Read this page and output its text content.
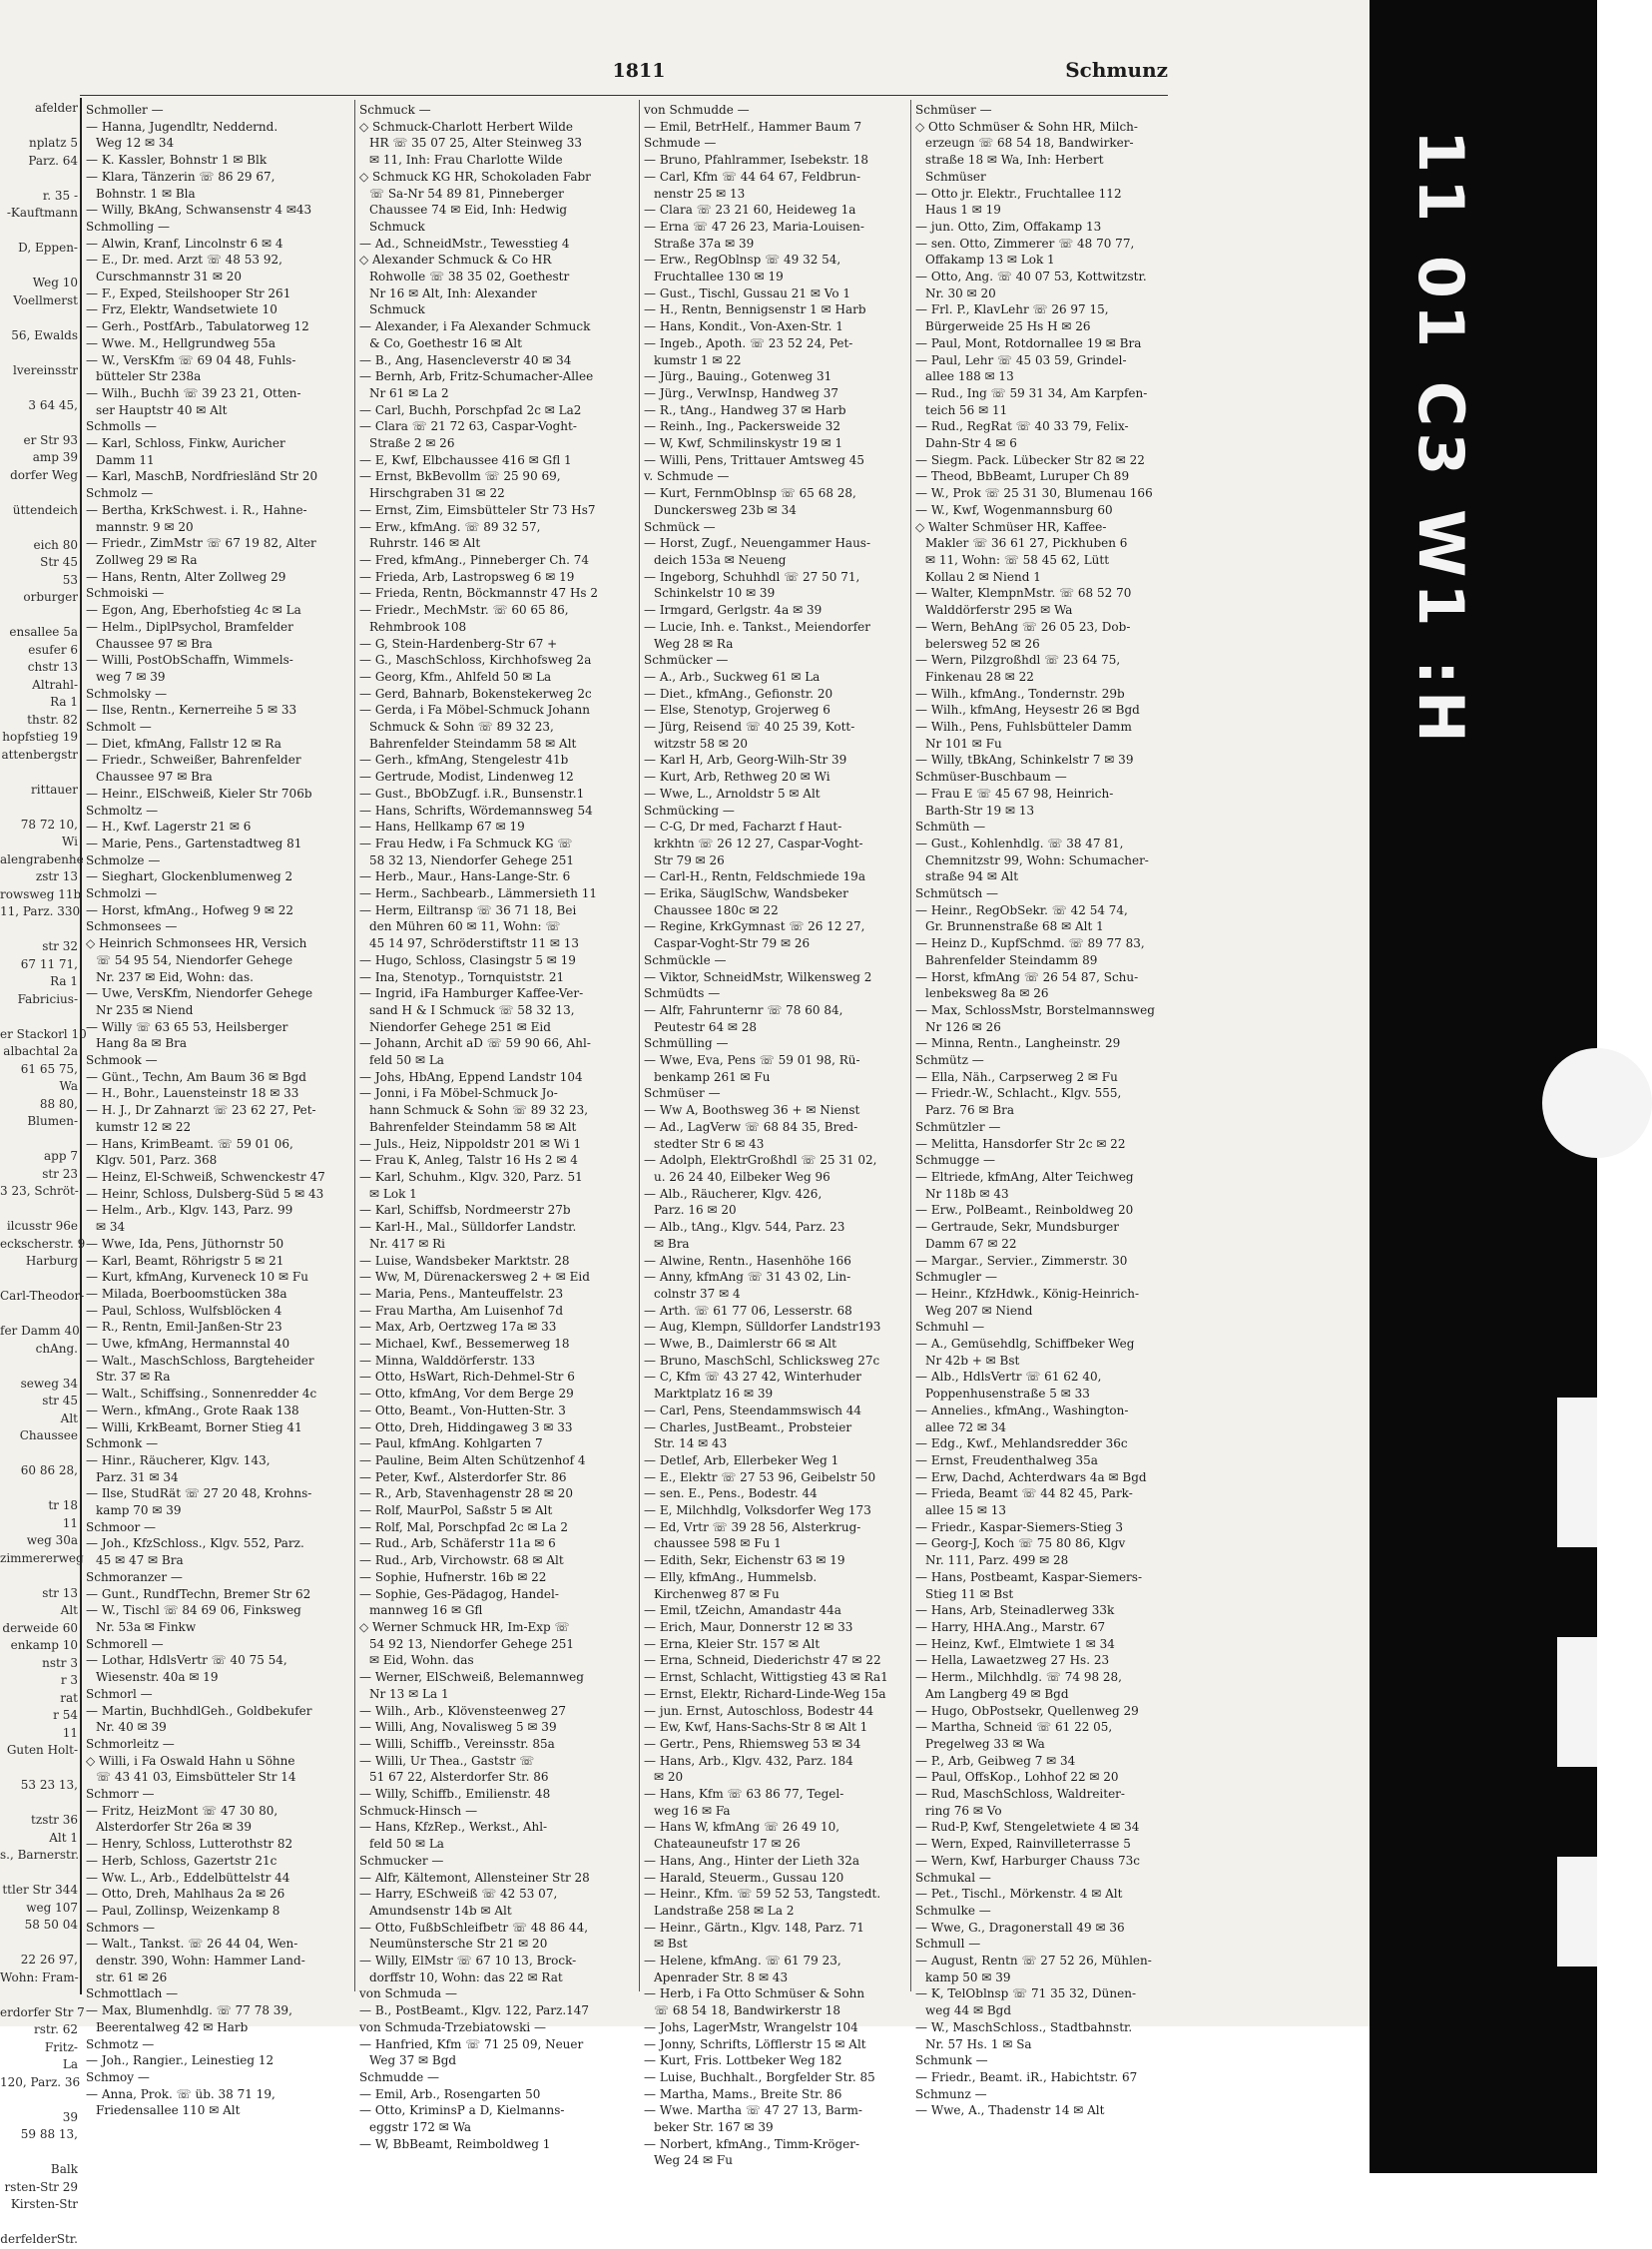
afelder

nplatz 5
Parz. 64

r. 35 -
-Kauftmann

D, Eppen-

Weg 10
Voellmerst

56, Ewalds

lvereinsstr

3 64 45,

er Str 93
amp 39
dorfer Weg

üttendeich

eich 80
Str 45
53
orburger

ensallee 5a
esufer 6
chstr 13
Altrahl-
Ra 1
thstr. 82
hopfstieg 19
attenbergstr

rittauer

78 72 10,
Wi
alengrabenhe
zstr 13
rowsweg 11b
11, Parz. 330

str 32
67 11 71,
Ra 1
Fabricius-

er Stackorl 10
albachtal 2a
61 65 75,
Wa
88 80,
Blumen-

app 7
str 23
3 23, Schröt-

ilcusstr 96e
eckscherstr. 9
Harburg

Carl-Theodor-

fer Damm 40
chAng.

seweg 34
str 45
Alt
Chaussee

60 86 28,

tr 18
11
weg 30a
zimmererweg

str 13
Alt
derweide 60
enkamp 10
nstr 3
r 3
rat
r 54
11
Guten Holt-

53 23 13,

tzstr 36
Alt 1
s., Barnerstr.

ttler Str 344
weg 107
58 50 04

22 26 97,
Wohn: Fram-

erdorfer Str 7
rstr. 62
Fritz-
La
120, Parz. 36

39
59 88 13,

Balk
rsten-Str 29
Kirsten-Str

derfelderStr.
1811	Schmunz
Schmoller —
— Hanna, Jugendltr, Neddernd.
Weg 12 ✉ 34
— K. Kassler, Bohnstr 1 ✉ Blk
— Klara, Tänzerin ☏ 86 29 67,
Bohnstr. 1 ✉ Bla
— Willy, BkAng, Schwansenstr 4 ✉43
Schmolling —
— Alwin, Kranf, Lincolnstr 6 ✉ 4
— E., Dr. med. Arzt ☏ 48 53 92,
Curschmannstr 31 ✉ 20
— F., Exped, Steilshooper Str 261
— Frz, Elektr, Wandsetwiete 10
— Gerh., PostfArb., Tabulatorweg 12
— Wwe. M., Hellgrundweg 55a
— W., VersKfm ☏ 69 04 48, Fuhls-
bütteler Str 238a
— Wilh., Buchh ☏ 39 23 21, Otten-
ser Hauptstr 40 ✉ Alt
Schmolls —
— Karl, Schloss, Finkw, Auricher
Damm 11
— Karl, MaschB, Nordfriesländ Str 20
Schmolz —
— Bertha, KrkSchwest. i. R., Hahne-
mannstr. 9 ✉ 20
— Friedr., ZimMstr ☏ 67 19 82, Alter
Zollweg 29 ✉ Ra
— Hans, Rentn, Alter Zollweg 29
Schmoiski —
— Egon, Ang, Eberhofstieg 4c ✉ La
— Helm., DiplPsychol, Bramfelder
Chaussee 97 ✉ Bra
— Willi, PostObSchaffn, Wimmels-
weg 7 ✉ 39
Schmolsky —
— Ilse, Rentn., Kernerreihe 5 ✉ 33
Schmolt —
— Diet, kfmAng, Fallstr 12 ✉ Ra
— Friedr., Schweißer, Bahrenfelder
Chaussee 97 ✉ Bra
— Heinr., ElSchweiß, Kieler Str 706b
Schmoltz —
— H., Kwf. Lagerstr 21 ✉ 6
— Marie, Pens., Gartenstadtweg 81
Schmolze —
— Sieghart, Glockenblumenweg 2
Schmolzi —
— Horst, kfmAng., Hofweg 9 ✉ 22
Schmonsees —
◇ Heinrich Schmonsees HR, Versich
☏ 54 95 54, Niendorfer Gehege
Nr. 237 ✉ Eid, Wohn: das.
— Uwe, VersKfm, Niendorfer Gehege
Nr 235 ✉ Niend
— Willy ☏ 63 65 53, Heilsberger
Hang 8a ✉ Bra
Schmook —
— Günt., Techn, Am Baum 36 ✉ Bgd
— H., Bohr., Lauensteinstr 18 ✉ 33
— H. J., Dr Zahnarzt ☏ 23 62 27, Pet-
kumstr 12 ✉ 22
— Hans, KrimBeamt. ☏ 59 01 06,
Klgv. 501, Parz. 368
— Heinz, El-Schweiß, Schwenckestr 47
— Heinr, Schloss, Dulsberg-Süd 5 ✉ 43
— Helm., Arb., Klgv. 143, Parz. 99
✉ 34
— Wwe, Ida, Pens, Jüthornstr 50
— Karl, Beamt, Röhrigstr 5 ✉ 21
— Kurt, kfmAng, Kurveneck 10 ✉ Fu
— Milada, Boerboomstücken 38a
— Paul, Schloss, Wulfsblöcken 4
— R., Rentn, Emil-Janßen-Str 23
— Uwe, kfmAng, Hermannstal 40
— Walt., MaschSchloss, Bargteheider
Str. 37 ✉ Ra
— Walt., Schiffsing., Sonnenredder 4c
— Wern., kfmAng., Grote Raak 138
— Willi, KrkBeamt, Borner Stieg 41
Schmonk —
— Hinr., Räucherer, Klgv. 143,
Parz. 31 ✉ 34
— Ilse, StudRät ☏ 27 20 48, Krohns-
kamp 70 ✉ 39
Schmoor —
— Joh., KfzSchloss., Klgv. 552, Parz.
45 ✉ 47 ✉ Bra
Schmoranzer —
— Gunt., RundfTechn, Bremer Str 62
— W., Tischl ☏ 84 69 06, Finksweg
Nr. 53a ✉ Finkw
Schmorell —
— Lothar, HdlsVertr ☏ 40 75 54,
Wiesenstr. 40a ✉ 19
Schmorl —
— Martin, BuchhdlGeh., Goldbekufer
Nr. 40 ✉ 39
Schmorleitz —
◇ Willi, i Fa Oswald Hahn u Söhne
☏ 43 41 03, Eimsbütteler Str 14
Schmorr —
— Fritz, HeizMont ☏ 47 30 80,
Alsterdorfer Str 26a ✉ 39
— Henry, Schloss, Lutterothstr 82
— Herb, Schloss, Gazertstr 21c
— Ww. L., Arb., Eddelbüttelstr 44
— Otto, Dreh, Mahlhaus 2a ✉ 26
— Paul, Zollinsp, Weizenkamp 8
Schmors —
— Walt., Tankst. ☏ 26 44 04, Wen-
denstr. 390, Wohn: Hammer Land-
str. 61 ✉ 26
Schmottlach —
— Max, Blumenhdlg. ☏ 77 78 39,
Beerentalweg 42 ✉ Harb
Schmotz —
— Joh., Rangier., Leinestieg 12
Schmoy —
— Anna, Prok. ☏ üb. 38 71 19,
Friedensallee 110 ✉ Alt
Schmuck —
◇ Schmuck-Charlott Herbert Wilde
HR ☏ 35 07 25, Alter Steinweg 33
✉ 11, Inh: Frau Charlotte Wilde
◇ Schmuck KG HR, Schokoladen Fabr
☏ Sa-Nr 54 89 81, Pinneberger
Chaussee 74 ✉ Eid, Inh: Hedwig
Schmuck
— Ad., SchneidMstr., Tewesstieg 4
◇ Alexander Schmuck & Co HR
Rohwolle ☏ 38 35 02, Goethestr
Nr 16 ✉ Alt, Inh: Alexander
Schmuck
— Alexander, i Fa Alexander Schmuck
& Co, Goethestr 16 ✉ Alt
— B., Ang, Hasencleverstr 40 ✉ 34
— Bernh, Arb, Fritz-Schumacher-Allee
Nr 61 ✉ La 2
— Carl, Buchh, Porschpfad 2c ✉ La2
— Clara ☏ 21 72 63, Caspar-Voght-
Straße 2 ✉ 26
— E, Kwf, Elbchaussee 416 ✉ Gfl 1
— Ernst, BkBevollm ☏ 25 90 69,
Hirschgraben 31 ✉ 22
— Ernst, Zim, Eimsbütteler Str 73 Hs7
— Erw., kfmAng. ☏ 89 32 57,
Ruhrstr. 146 ✉ Alt
— Fred, kfmAng., Pinneberger Ch. 74
— Frieda, Arb, Lastropsweg 6 ✉ 19
— Frieda, Rentn, Böckmannstr 47 Hs 2
— Friedr., MechMstr. ☏ 60 65 86,
Rehmbrook 108
— G, Stein-Hardenberg-Str 67 +
— G., MaschSchloss, Kirchhofsweg 2a
— Georg, Kfm., Ahlfeld 50 ✉ La
— Gerd, Bahnarb, Bokenstekerweg 2c
— Gerda, i Fa Möbel-Schmuck Johann
Schmuck & Sohn ☏ 89 32 23,
Bahrenfelder Steindamm 58 ✉ Alt
— Gerh., kfmAng, Stengelestr 41b
— Gertrude, Modist, Lindenweg 12
— Gust., BbObZugf. i.R., Bunsenstr.1
— Hans, Schrifts, Wördemannsweg 54
— Hans, Hellkamp 67 ✉ 19
— Frau Hedw, i Fa Schmuck KG ☏
58 32 13, Niendorfer Gehege 251
— Herb., Maur., Hans-Lange-Str. 6
— Herm., Sachbearb., Lämmersieth 11
— Herm, Eiltransp ☏ 36 71 18, Bei
den Mühren 60 ✉ 11, Wohn: ☏
45 14 97, Schröderstiftstr 11 ✉ 13
— Hugo, Schloss, Clasingstr 5 ✉ 19
— Ina, Stenotyp., Tornquiststr. 21
— Ingrid, iFa Hamburger Kaffee-Ver-
sand H & I Schmuck ☏ 58 32 13,
Niendorfer Gehege 251 ✉ Eid
— Johann, Archit aD ☏ 59 90 66, Ahl-
feld 50 ✉ La
— Johs, HbAng, Eppend Landstr 104
— Jonni, i Fa Möbel-Schmuck Jo-
hann Schmuck & Sohn ☏ 89 32 23,
Bahrenfelder Steindamm 58 ✉ Alt
— Juls., Heiz, Nippoldstr 201 ✉ Wi 1
— Frau K, Anleg, Talstr 16 Hs 2 ✉ 4
— Karl, Schuhm., Klgv. 320, Parz. 51
✉ Lok 1
— Karl, Schiffsb, Nordmeerstr 27b
— Karl-H., Mal., Sülldorfer Landstr.
Nr. 417 ✉ Ri
— Luise, Wandsbeker Marktstr. 28
— Ww, M, Dürenackersweg 2 + ✉ Eid
— Maria, Pens., Manteuffelstr. 23
— Frau Martha, Am Luisenhof 7d
— Max, Arb, Oertzweg 17a ✉ 33
— Michael, Kwf., Bessemerweg 18
— Minna, Walddörferstr. 133
— Otto, HsWart, Rich-Dehmel-Str 6
— Otto, kfmAng, Vor dem Berge 29
— Otto, Beamt., Von-Hutten-Str. 3
— Otto, Dreh, Hiddingaweg 3 ✉ 33
— Paul, kfmAng. Kohlgarten 7
— Pauline, Beim Alten Schützenhof 4
— Peter, Kwf., Alsterdorfer Str. 86
— R., Arb, Stavenhagenstr 28 ✉ 20
— Rolf, MaurPol, Saßstr 5 ✉ Alt
— Rolf, Mal, Porschpfad 2c ✉ La 2
— Rud., Arb, Schäferstr 11a ✉ 6
— Rud., Arb, Virchowstr. 68 ✉ Alt
— Sophie, Hufnerstr. 16b ✉ 22
— Sophie, Ges-Pädagog, Handel-
mannweg 16 ✉ Gfl
◇ Werner Schmuck HR, Im-Exp ☏
54 92 13, Niendorfer Gehege 251
✉ Eid, Wohn. das
— Werner, ElSchweiß, Belemannweg
Nr 13 ✉ La 1
— Wilh., Arb., Klövensteenweg 27
— Willi, Ang, Novalisweg 5 ✉ 39
— Willi, Schiffb., Vereinsstr. 85a
— Willi, Ur Thea., Gaststr ☏
51 67 22, Alsterdorfer Str. 86
— Willy, Schiffb., Emilienstr. 48
Schmuck-Hinsch —
— Hans, KfzRep., Werkst., Ahl-
feld 50 ✉ La
Schmucker —
— Alfr, Kältemont, Allensteiner Str 28
— Harry, ESchweiß ☏ 42 53 07,
Amundsenstr 14b ✉ Alt
— Otto, FußbSchleifbetr ☏ 48 86 44,
Neumünstersche Str 21 ✉ 20
— Willy, ElMstr ☏ 67 10 13, Brock-
dorffstr 10, Wohn: das 22 ✉ Rat
von Schmuda —
— B., PostBeamt., Klgv. 122, Parz.147
von Schmuda-Trzebiatowski —
— Hanfried, Kfm ☏ 71 25 09, Neuer
Weg 37 ✉ Bgd
Schmudde —
— Emil, Arb., Rosengarten 50
— Otto, KriminsP a D, Kielmanns-
eggstr 172 ✉ Wa
— W, BbBeamt, Reimboldweg 1
von Schmudde —
— Emil, BetrHelf., Hammer Baum 7
Schmude —
— Bruno, Pfahlrammer, Isebekstr. 18
— Carl, Kfm ☏ 44 64 67, Feldbrun-
nenstr 25 ✉ 13
— Clara ☏ 23 21 60, Heideweg 1a
— Erna ☏ 47 26 23, Maria-Louisen-
Straße 37a ✉ 39
— Erw., RegOblnsp ☏ 49 32 54,
Fruchtallee 130 ✉ 19
— Gust., Tischl, Gussau 21 ✉ Vo 1
— H., Rentn, Bennigsenstr 1 ✉ Harb
— Hans, Kondit., Von-Axen-Str. 1
— Ingeb., Apoth. ☏ 23 52 24, Pet-
kumstr 1 ✉ 22
— Jürg., Bauing., Gotenweg 31
— Jürg., VerwInsp, Handweg 37
— R., tAng., Handweg 37 ✉ Harb
— Reinh., Ing., Packersweide 32
— W, Kwf, Schmilinskystr 19 ✉ 1
— Willi, Pens, Trittauer Amtsweg 45
v. Schmude —
— Kurt, FernmOblnsp ☏ 65 68 28,
Dunckersweg 23b ✉ 34
Schmück —
— Horst, Zugf., Neuengammer Haus-
deich 153a ✉ Neueng
— Ingeborg, Schuhhdl ☏ 27 50 71,
Schinkelstr 10 ✉ 39
— Irmgard, Gerlgstr. 4a ✉ 39
— Lucie, Inh. e. Tankst., Meiendorfer
Weg 28 ✉ Ra
Schmücker —
— A., Arb., Suckweg 61 ✉ La
— Diet., kfmAng., Gefionstr. 20
— Else, Stenotyp, Grojerweg 6
— Jürg, Reisend ☏ 40 25 39, Kott-
witzstr 58 ✉ 20
— Karl H, Arb, Georg-Wilh-Str 39
— Kurt, Arb, Rethweg 20 ✉ Wi
— Wwe, L., Arnoldstr 5 ✉ Alt
Schmücking —
— C-G, Dr med, Facharzt f Haut-
krkhtn ☏ 26 12 27, Caspar-Voght-
Str 79 ✉ 26
— Carl-H., Rentn, Feldschmiede 19a
— Erika, SäuglSchw, Wandsbeker
Chaussee 180c ✉ 22
— Regine, KrkGymnast ☏ 26 12 27,
Caspar-Voght-Str 79 ✉ 26
Schmückle —
— Viktor, SchneidMstr, Wilkensweg 2
Schmüdts —
— Alfr, Fahrunternr ☏ 78 60 84,
Peutestr 64 ✉ 28
Schmülling —
— Wwe, Eva, Pens ☏ 59 01 98, Rü-
benkamp 261 ✉ Fu
Schmüser —
— Ww A, Boothsweg 36 + ✉ Nienst
— Ad., LagVerw ☏ 68 84 35, Bred-
stedter Str 6 ✉ 43
— Adolph, ElektrGroßhdl ☏ 25 31 02,
u. 26 24 40, Eilbeker Weg 96
— Alb., Räucherer, Klgv. 426,
Parz. 16 ✉ 20
— Alb., tAng., Klgv. 544, Parz. 23
✉ Bra
— Alwine, Rentn., Hasenhöhe 166
— Anny, kfmAng ☏ 31 43 02, Lin-
colnstr 37 ✉ 4
— Arth. ☏ 61 77 06, Lesserstr. 68
— Aug, Klempn, Sülldorfer Landstr193
— Wwe, B., Daimlerstr 66 ✉ Alt
— Bruno, MaschSchl, Schlicksweg 27c
— C, Kfm ☏ 43 27 42, Winterhuder
Marktplatz 16 ✉ 39
— Carl, Pens, Steendammswisch 44
— Charles, JustBeamt., Probsteier
Str. 14 ✉ 43
— Detlef, Arb, Ellerbeker Weg 1
— E., Elektr ☏ 27 53 96, Geibelstr 50
— sen. E., Pens., Bodestr. 44
— E, Milchhdlg, Volksdorfer Weg 173
— Ed, Vrtr ☏ 39 28 56, Alsterkrug-
chaussee 598 ✉ Fu 1
— Edith, Sekr, Eichenstr 63 ✉ 19
— Elly, kfmAng., Hummelsb.
Kirchenweg 87 ✉ Fu
— Emil, tZeichn, Amandastr 44a
— Erich, Maur, Donnerstr 12 ✉ 33
— Erna, Kleier Str. 157 ✉ Alt
— Erna, Schneid, Diederichstr 47 ✉ 22
— Ernst, Schlacht, Wittigstieg 43 ✉ Ra1
— Ernst, Elektr, Richard-Linde-Weg 15a
— jun. Ernst, Autoschloss, Bodestr 44
— Ew, Kwf, Hans-Sachs-Str 8 ✉ Alt 1
— Gertr., Pens, Rhiemsweg 53 ✉ 34
— Hans, Arb., Klgv. 432, Parz. 184
✉ 20
— Hans, Kfm ☏ 63 86 77, Tegel-
weg 16 ✉ Fa
— Hans W, kfmAng ☏ 26 49 10,
Chateauneufstr 17 ✉ 26
— Hans, Ang., Hinter der Lieth 32a
— Harald, Steuerm., Gussau 120
— Heinr., Kfm. ☏ 59 52 53, Tangstedt.
Landstraße 258 ✉ La 2
— Heinr., Gärtn., Klgv. 148, Parz. 71
✉ Bst
— Helene, kfmAng. ☏ 61 79 23,
Apenrader Str. 8 ✉ 43
— Herb, i Fa Otto Schmüser & Sohn
☏ 68 54 18, Bandwirkerstr 18
— Johs, LagerMstr, Wrangelstr 104
— Jonny, Schrifts, Löfflerstr 15 ✉ Alt
— Kurt, Fris. Lottbeker Weg 182
— Luise, Buchhalt., Borgfelder Str. 85
— Martha, Mams., Breite Str. 86
— Wwe. Martha ☏ 47 27 13, Barm-
beker Str. 167 ✉ 39
— Norbert, kfmAng., Timm-Kröger-
Weg 24 ✉ Fu
Schmüser —
◇ Otto Schmüser & Sohn HR, Milch-
erzeugn ☏ 68 54 18, Bandwirker-
straße 18 ✉ Wa, Inh: Herbert
Schmüser
— Otto jr. Elektr., Fruchtallee 112
Haus 1 ✉ 19
— jun. Otto, Zim, Offakamp 13
— sen. Otto, Zimmerer ☏ 48 70 77,
Offakamp 13 ✉ Lok 1
— Otto, Ang. ☏ 40 07 53, Kottwitzstr.
Nr. 30 ✉ 20
— Frl. P., KlavLehr ☏ 26 97 15,
Bürgerweide 25 Hs H ✉ 26
— Paul, Mont, Rotdornallee 19 ✉ Bra
— Paul, Lehr ☏ 45 03 59, Grindel-
allee 188 ✉ 13
— Rud., Ing ☏ 59 31 34, Am Karpfen-
teich 56 ✉ 11
— Rud., RegRat ☏ 40 33 79, Felix-
Dahn-Str 4 ✉ 6
— Siegm. Pack. Lübecker Str 82 ✉ 22
— Theod, BbBeamt, Luruper Ch 89
— W., Prok ☏ 25 31 30, Blumenau 166
— W., Kwf, Wogenmannsburg 60
◇ Walter Schmüser HR, Kaffee-
Makler ☏ 36 61 27, Pickhuben 6
✉ 11, Wohn: ☏ 58 45 62, Lütt
Kollau 2 ✉ Niend 1
— Walter, KlempnMstr. ☏ 68 52 70
Walddörferstr 295 ✉ Wa
— Wern, BehAng ☏ 26 05 23, Dob-
belersweg 52 ✉ 26
— Wern, Pilzgroßhdl ☏ 23 64 75,
Finkenau 28 ✉ 22
— Wilh., kfmAng., Tondernstr. 29b
— Wilh., kfmAng, Heysestr 26 ✉ Bgd
— Wilh., Pens, Fuhlsbütteler Damm
Nr 101 ✉ Fu
— Willy, tBkAng, Schinkelstr 7 ✉ 39
Schmüser-Buschbaum —
— Frau E ☏ 45 67 98, Heinrich-
Barth-Str 19 ✉ 13
Schmüth —
— Gust., Kohlenhdlg. ☏ 38 47 81,
Chemnitzstr 99, Wohn: Schumacher-
straße 94 ✉ Alt
Schmütsch —
— Heinr., RegObSekr. ☏ 42 54 74,
Gr. Brunnenstraße 68 ✉ Alt 1
— Heinz D., KupfSchmd. ☏ 89 77 83,
Bahrenfelder Steindamm 89
— Horst, kfmAng ☏ 26 54 87, Schu-
lenbeksweg 8a ✉ 26
— Max, SchlossMstr, Borstelmannsweg
Nr 126 ✉ 26
— Minna, Rentn., Langheinstr. 29
Schmütz —
— Ella, Näh., Carpserweg 2 ✉ Fu
— Friedr.-W., Schlacht., Klgv. 555,
Parz. 76 ✉ Bra
Schmützler —
— Melitta, Hansdorfer Str 2c ✉ 22
Schmugge —
— Eltriede, kfmAng, Alter Teichweg
Nr 118b ✉ 43
— Erw., PolBeamt., Reinboldweg 20
— Gertraude, Sekr, Mundsburger
Damm 67 ✉ 22
— Margar., Servier., Zimmerstr. 30
Schmugler —
— Heinr., KfzHdwk., König-Heinrich-
Weg 207 ✉ Niend
Schmuhl —
— A., Gemüsehdlg, Schiffbeker Weg
Nr 42b + ✉ Bst
— Alb., HdlsVertr ☏ 61 62 40,
Poppenhusenstraße 5 ✉ 33
— Annelies., kfmAng., Washington-
allee 72 ✉ 34
— Edg., Kwf., Mehlandsredder 36c
— Ernst, Freudenthalweg 35a
— Erw, Dachd, Achterdwars 4a ✉ Bgd
— Frieda, Beamt ☏ 44 82 45, Park-
allee 15 ✉ 13
— Friedr., Kaspar-Siemers-Stieg 3
— Georg-J, Koch ☏ 75 80 86, Klgv
Nr. 111, Parz. 499 ✉ 28
— Hans, Postbeamt, Kaspar-Siemers-
Stieg 11 ✉ Bst
— Hans, Arb, Steinadlerweg 33k
— Harry, HHA.Ang., Marstr. 67
— Heinz, Kwf., Elmtwiete 1 ✉ 34
— Hella, Lawaetzweg 27 Hs. 23
— Herm., Milchhdlg. ☏ 74 98 28,
Am Langberg 49 ✉ Bgd
— Hugo, ObPostsekr, Quellenweg 29
— Martha, Schneid ☏ 61 22 05,
Pregelweg 33 ✉ Wa
— P., Arb, Geibweg 7 ✉ 34
— Paul, OffsKop., Lohhof 22 ✉ 20
— Rud, MaschSchloss, Waldreiter-
ring 76 ✉ Vo
— Rud-P, Kwf, Stengeletwiete 4 ✉ 34
— Wern, Exped, Rainvilleterrasse 5
— Wern, Kwf, Harburger Chauss 73c
Schmukal —
— Pet., Tischl., Mörkenstr. 4 ✉ Alt
Schmulke —
— Wwe, G., Dragonerstall 49 ✉ 36
Schmull —
— August, Rentn ☏ 27 52 26, Mühlen-
kamp 50 ✉ 39
— K, TelOblnsp ☏ 71 35 32, Dünen-
weg 44 ✉ Bgd
— W., MaschSchloss., Stadtbahnstr.
Nr. 57 Hs. 1 ✉ Sa
Schmunk —
— Friedr., Beamt. iR., Habichtstr. 67
Schmunz —
— Wwe, A., Thadenstr 14 ✉ Alt
